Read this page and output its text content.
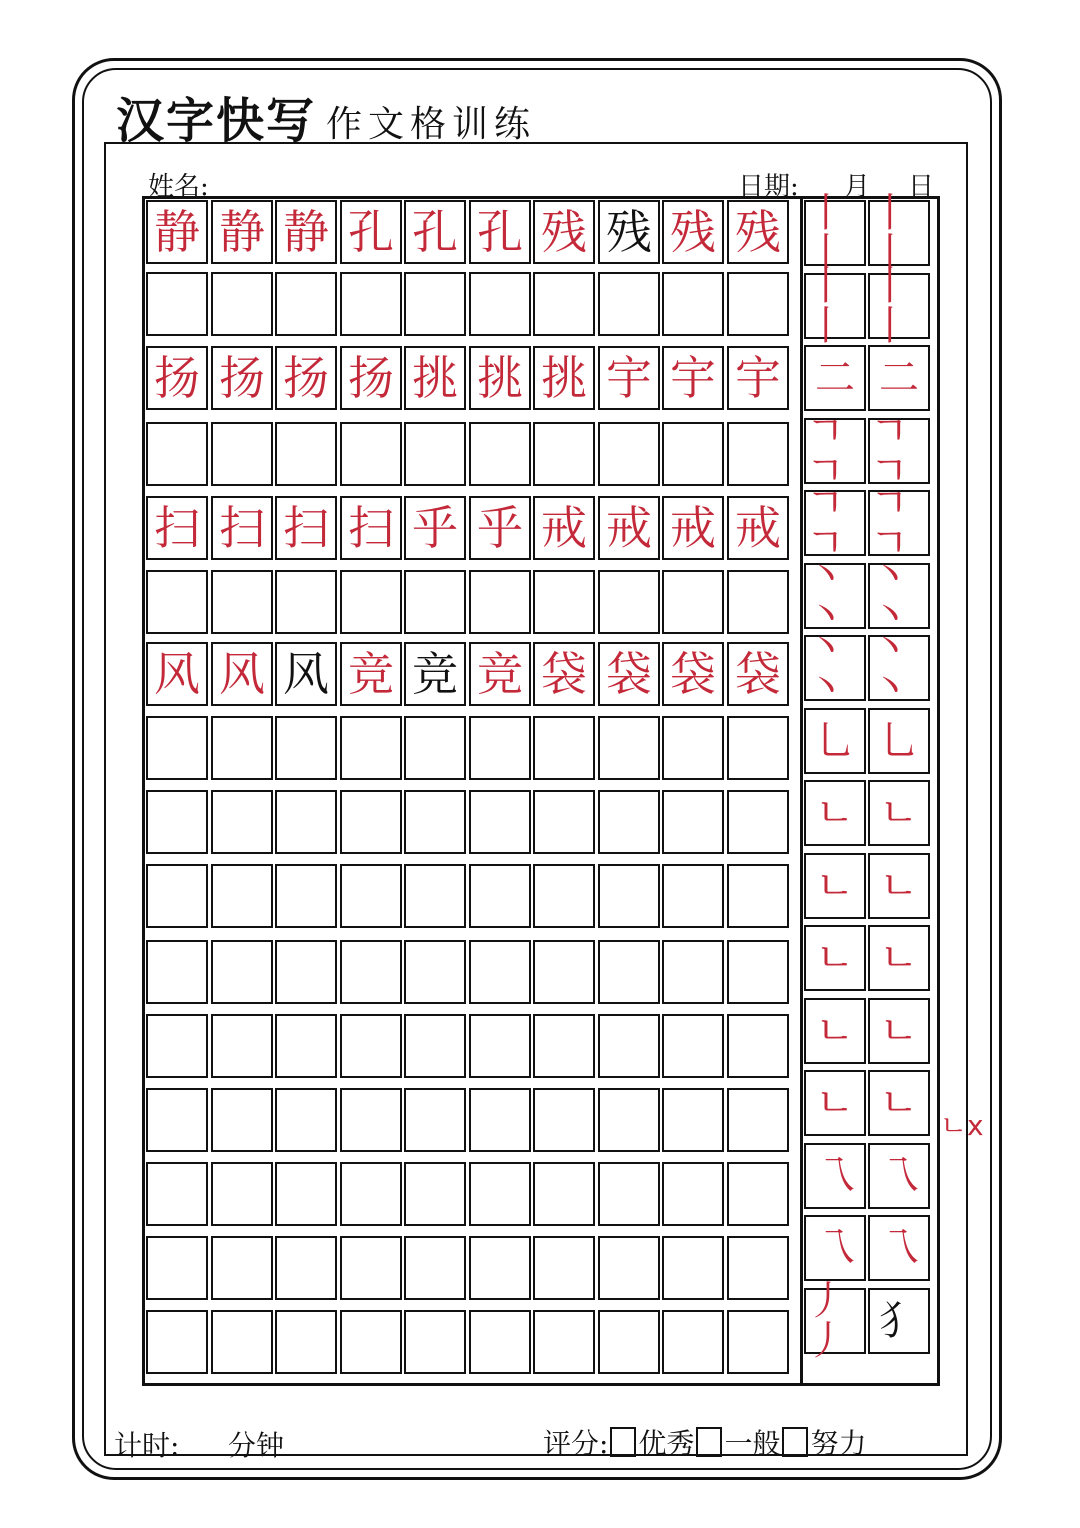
汉字快写 作文格训练
姓名:	日期: 月 日
静 静 静 孔 孔 孔 残 残 残 残
扬 扬 扬 扬 挑 挑 挑 宇 宇 宇
扫 扫 扫 扫 乎 乎 戒 戒 戒 戒
风 风 风 竞 竞 竞 袋 袋 袋 袋
丨丨
丨丨
丨丨
丨丨
二 二
ㄱㄱ
ㄱㄱ
ㄱㄱ
ㄱㄱ
丶丶
丶丶
丶丶
丶丶
乚 乚
ㄴ ㄴ
ㄴ ㄴ
ㄴ ㄴ
ㄴ ㄴ
ㄴ ㄴ
乁 乁
乁 乁
丿丿 犭
ㄴx
计时: 分钟	评分: 优秀 一般 努力
